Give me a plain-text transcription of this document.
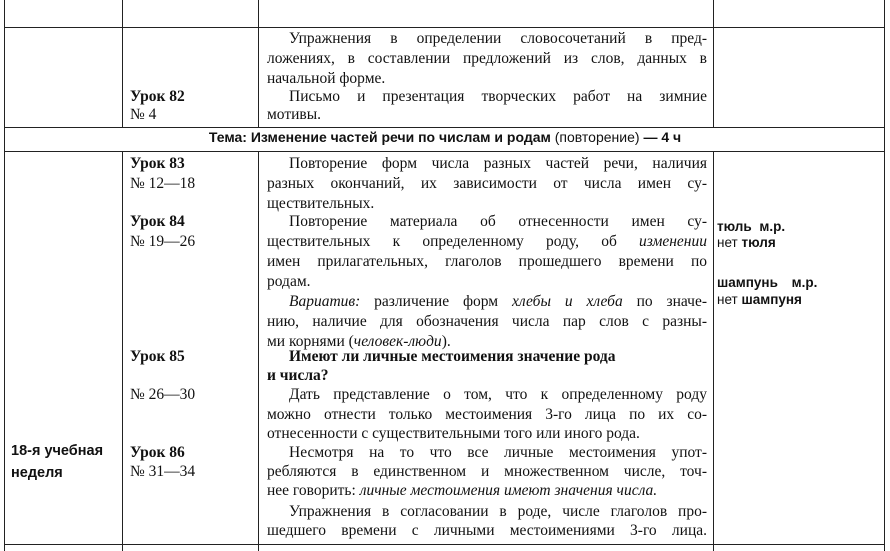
Упражнения в определении словосочетаний в пред-
ложениях, в составлении предложений из слов, данных в
начальной форме.
Урок 82
№ 4
Письмо и презентация творческих работ на зимние
мотивы.
Тема: Изменение частей речи по числам и родам (повторение) — 4 ч
Урок 83
№ 12—18
Повторение форм числа разных частей речи, наличия
разных окончаний, их зависимости от числа имен су-
ществительных.
Урок 84
№ 19—26
Повторение материала об отнесенности имен су-
ществительных к определенному роду, об изменении
имен прилагательных, глаголов прошедшего времени по
родам.
Вариатив: различение форм хлебы и хлеба по значе-
нию, наличие для обозначения числа пар слов с разны-
ми корнями (человек-люди).
тюль м.р.
нет тюля
шампунь м.р.
нет шампуня
Урок 85
№ 26—30
Имеют ли личные местоимения значение рода
и числа?
Дать представление о том, что к определенному роду
можно отнести только местоимения 3-го лица по их со-
отнесенности с существительными того или иного рода.
18-я учебная
неделя
Урок 86
№ 31—34
Несмотря на то что все личные местоимения упот-
ребляются в единственном и множественном числе, точ-
нее говорить: личные местоимения имеют значения числа.
Упражнения в согласовании в роде, числе глаголов про-
шедшего времени с личными местоимениями 3-го лица.
